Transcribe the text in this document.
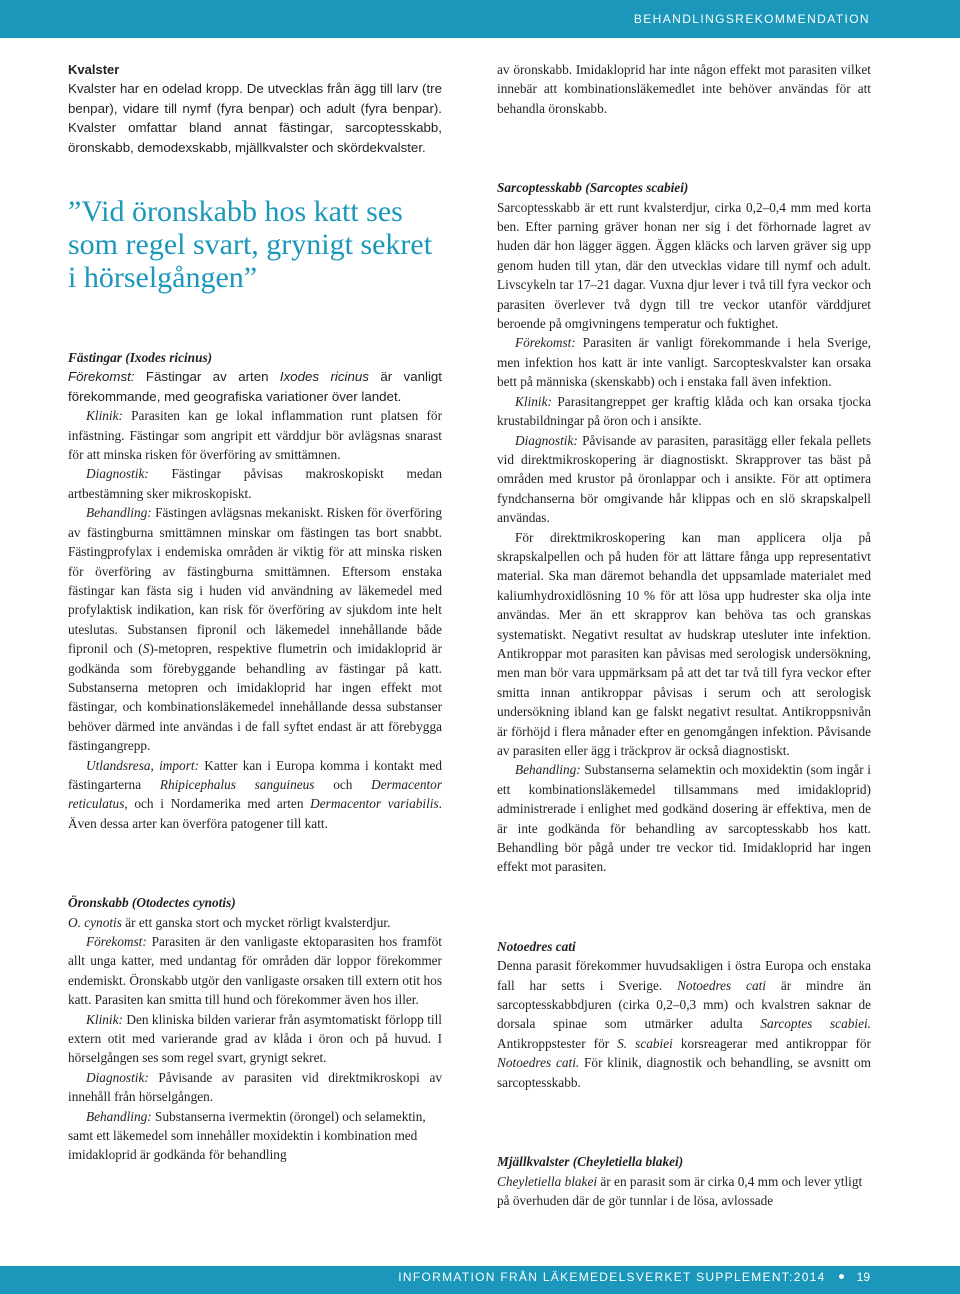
BEHANDLINGSREKOMMENDATION
Kvalster

Kvalster har en odelad kropp. De utvecklas från ägg till larv (tre benpar), vidare till nymf (fyra benpar) och adult (fyra benpar). Kvalster omfattar bland annat fästingar, sarcoptesskabb, öronskabb, demodexskabb, mjällkvalster och skördekvalster.

”Vid öronskabb hos katt ses som regel svart, grynigt sekret i hörselgången”
Fästingar (Ixodes ricinus)

Förekomst: Fästingar av arten Ixodes ricinus är vanligt förekommande, med geografiska variationer över landet.

Klinik: Parasiten kan ge lokal inflammation runt platsen för infästning. Fästingar som angripit ett värddjur bör avlägsnas snarast för att minska risken för överföring av smittämnen.

Diagnostik: Fästingar påvisas makroskopiskt medan artbestämning sker mikroskopiskt.

Behandling: Fästingen avlägsnas mekaniskt. Risken för överföring av fästingburna smittämnen minskar om fästingen tas bort snabbt. Fästingprofylax i endemiska områden är viktig för att minska risken för överföring av fästingburna smittämnen. Eftersom enstaka fästingar kan fästa sig i huden vid användning av läkemedel med profylaktisk indikation, kan risk för överföring av sjukdom inte helt uteslutas. Substansen fipronil och läkemedel innehållande både fipronil och (S)-metopren, respektive flumetrin och imidakloprid är godkända som förebyggande behandling av fästingar på katt. Substanserna metopren och imidakloprid har ingen effekt mot fästingar, och kombinationsläkemedel innehållande dessa substanser behöver därmed inte användas i de fall syftet endast är att förebygga fästingangrepp.

Utlandsresa, import: Katter kan i Europa komma i kontakt med fästingarterna Rhipicephalus sanguineus och Dermacentor reticulatus, och i Nordamerika med arten Dermacentor variabilis. Även dessa arter kan överföra patogener till katt.

Öronskabb (Otodectes cynotis)

O. cynotis är ett ganska stort och mycket rörligt kvalsterdjur.

Förekomst: Parasiten är den vanligaste ektoparasiten hos framföt allt unga katter, med undantag för områden där loppor förekommer endemiskt. Öronskabb utgör den vanligaste orsaken till extern otit hos katt. Parasiten kan smitta till hund och förekommer även hos iller.

Klinik: Den kliniska bilden varierar från asymtomatiskt förlopp till extern otit med varierande grad av klåda i öron och på huvud. I hörselgången ses som regel svart, grynigt sekret.

Diagnostik: Påvisande av parasiten vid direktmikroskopi av innehåll från hörselgången.

Behandling: Substanserna ivermektin (örongel) och selamektin, samt ett läkemedel som innehåller moxidektin i kombination med imidakloprid är godkända för behandling

av öronskabb. Imidakloprid har inte någon effekt mot parasiten vilket innebär att kombinationsläkemedlet inte behöver användas för att behandla öronskabb.

Sarcoptesskabb (Sarcoptes scabiei)

Sarcoptesskabb är ett runt kvalsterdjur, cirka 0,2–0,4 mm med korta ben. Efter parning gräver honan ner sig i det förhornade lagret av huden där hon lägger äggen. Äggen kläcks och larven gräver sig upp genom huden till ytan, där den utvecklas vidare till nymf och adult. Livscykeln tar 17–21 dagar. Vuxna djur lever i två till fyra veckor och parasiten överlever två dygn till tre veckor utanför värddjuret beroende på omgivningens temperatur och fuktighet.

Förekomst: Parasiten är vanligt förekommande i hela Sverige, men infektion hos katt är inte vanligt. Sarcopteskvalster kan orsaka bett på människa (skenskabb) och i enstaka fall även infektion.

Klinik: Parasitangreppet ger kraftig klåda och kan orsaka tjocka krustabildningar på öron och i ansikte.

Diagnostik: Påvisande av parasiten, parasitägg eller fekala pellets vid direktmikroskopering är diagnostiskt. Skrapprover tas bäst på områden med krustor på öronlappar och i ansikte. För att optimera fyndchanserna bör omgivande hår klippas och en slö skrapskalpell användas.

För direktmikroskopering kan man applicera olja på skrapskalpellen och på huden för att lättare fånga upp representativt material. Ska man däremot behandla det uppsamlade materialet med kaliumhydroxidlösning 10 % för att lösa upp hudrester ska olja inte användas. Mer än ett skrapprov kan behöva tas och granskas systematiskt. Negativt resultat av hudskrap utesluter inte infektion. Antikroppar mot parasiten kan påvisas med serologisk undersökning, men man bör vara uppmärksam på att det tar två till fyra veckor efter smitta innan antikroppar påvisas i serum och att serologisk undersökning ibland kan ge falskt negativt resultat. Antikroppsnivån är förhöjd i flera månader efter en genomgången infektion. Påvisande av parasiten eller ägg i träckprov är också diagnostiskt.

Behandling: Substanserna selamektin och moxidektin (som ingår i ett kombinationsläkemedel tillsammans med imidakloprid) administrerade i enlighet med godkänd dosering är effektiva, men de är inte godkända för behandling av sarcoptesskabb hos katt. Behandling bör pågå under tre veckor tid. Imidakloprid har ingen effekt mot parasiten.

Notoedres cati

Denna parasit förekommer huvudsakligen i östra Europa och enstaka fall har setts i Sverige. Notoedres cati är mindre än sarcoptesskabbdjuren (cirka 0,2–0,3 mm) och kvalstren saknar de dorsala spinae som utmärker adulta Sarcoptes scabiei. Antikroppstester för S. scabiei korsreagerar med antikroppar för Notoedres cati. För klinik, diagnostik och behandling, se avsnitt om sarcoptesskabb.

Mjällkvalster (Cheyletiella blakei)

Cheyletiella blakei är en parasit som är cirka 0,4 mm och lever ytligt på överhuden där de gör tunnlar i de lösa, avlossade

INFORMATION FRÅN LÄKEMEDELSVERKET SUPPLEMENT:2014	19
